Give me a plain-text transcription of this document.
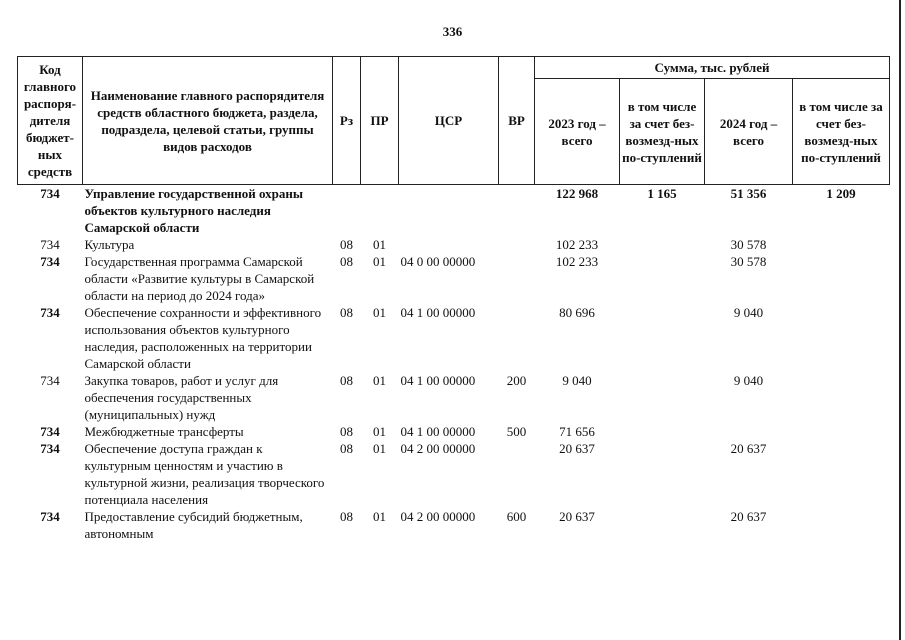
336
Код главного распоря-дителя бюджет-ных средств	Наименование главного распорядителя средств областного бюджета, раздела, подраздела, целевой статьи, группы видов расходов	Рз	ПР	ЦСР	ВР	Сумма, тыс. рублей			
						2023 год – всего	в том числе за счет без-возмезд-ных по-ступлений	2024 год – всего	в том числе за счет без-возмезд-ных по-ступлений
734	Управление государственной охраны объектов культурного наследия Самарской области					122 968	1 165	51 356	1 209
734	Культура	08	01			102 233		30 578	
734	Государственная программа Самарской области «Развитие культуры в Самарской области на период до 2024 года»	08	01	04 0 00 00000		102 233		30 578	
734	Обеспечение сохранности и эффективного использования объектов культурного наследия, расположенных на территории Самарской области	08	01	04 1 00 00000		80 696		9 040	
734	Закупка товаров, работ и услуг для обеспечения государственных (муниципальных) нужд	08	01	04 1 00 00000	200	9 040		9 040	
734	Межбюджетные трансферты	08	01	04 1 00 00000	500	71 656			
734	Обеспечение доступа граждан к культурным ценностям и участию в культурной жизни, реализация творческого потенциала населения	08	01	04 2 00 00000		20 637		20 637	
734	Предоставление субсидий бюджетным, автономным	08	01	04 2 00 00000	600	20 637		20 637	
